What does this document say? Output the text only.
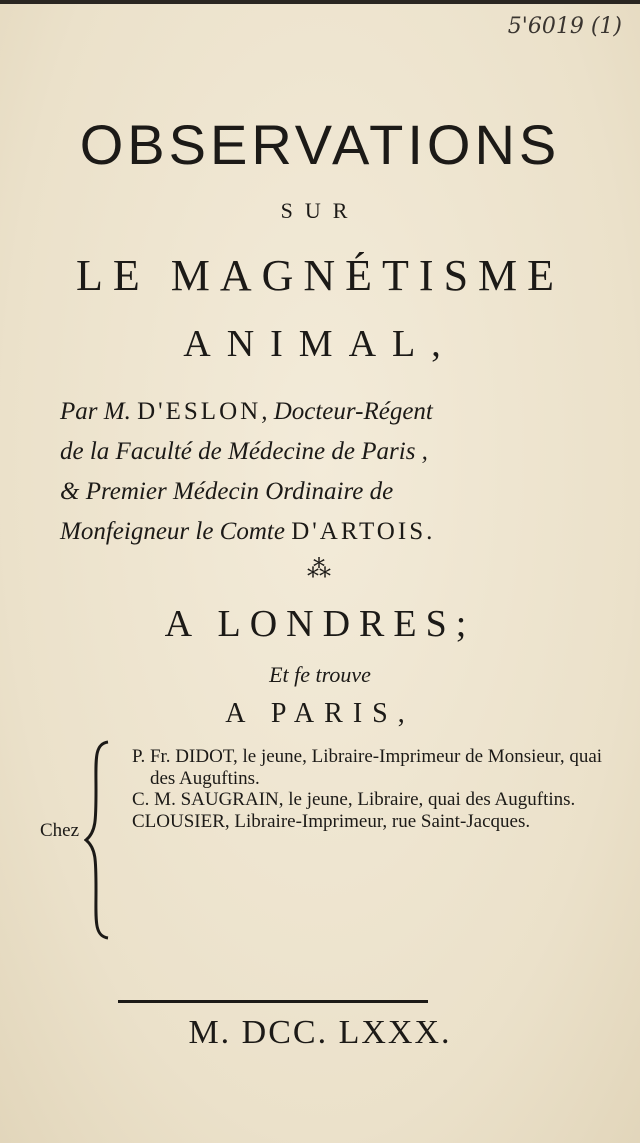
5'6019 (1)
OBSERVATIONS
SUR
LE MAGNÉTISME
ANIMAL,
Par M. D'ESLON, Docteur-Régent
de la Faculté de Médecine de Paris ,
& Premier Médecin Ordinaire de
Monfeigneur le Comte D'ARTOIS.
⁂
A LONDRES;
Et fe trouve
A PARIS,
Chez

P. Fr. DIDOT, le jeune, Libraire-Imprimeur de Monsieur, quai des Auguftins.

C. M. SAUGRAIN, le jeune, Libraire, quai des Auguftins.

CLOUSIER, Libraire-Imprimeur, rue Saint-Jacques.

M. DCC. LXXX.
